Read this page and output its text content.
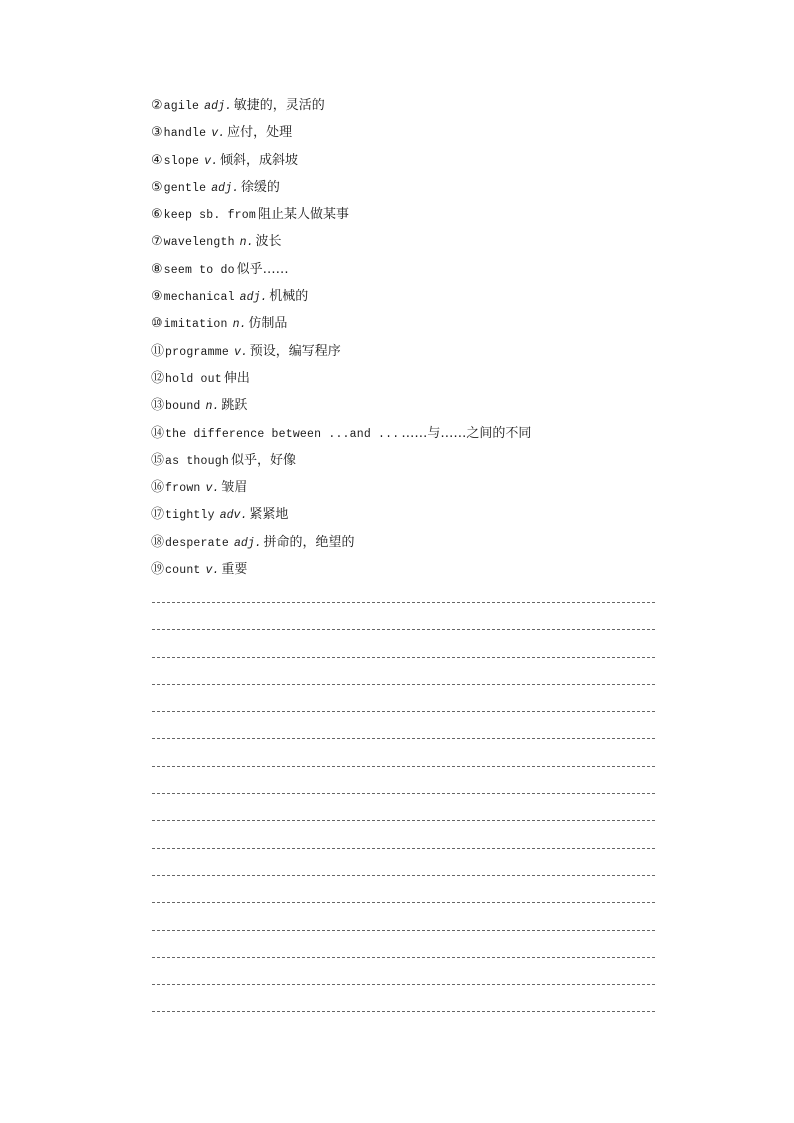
②agile adj. 敏捷的，灵活的
③handle v. 应付，处理
④slope v. 倾斜，成斜坡
⑤gentle adj. 徐缓的
⑥keep sb. from 阻止某人做某事
⑦wavelength n. 波长
⑧seem to do 似乎……
⑨mechanical adj. 机械的
⑩imitation n. 仿制品
⑪programme v. 预设，编写程序
⑫hold out 伸出
⑬bound n. 跳跃
⑭the difference between ...and ... ……与……之间的不同
⑮as though 似乎，好像
⑯frown v. 皱眉
⑰tightly adv. 紧紧地
⑱desperate adj. 拼命的，绝望的
⑲count v. 重要
